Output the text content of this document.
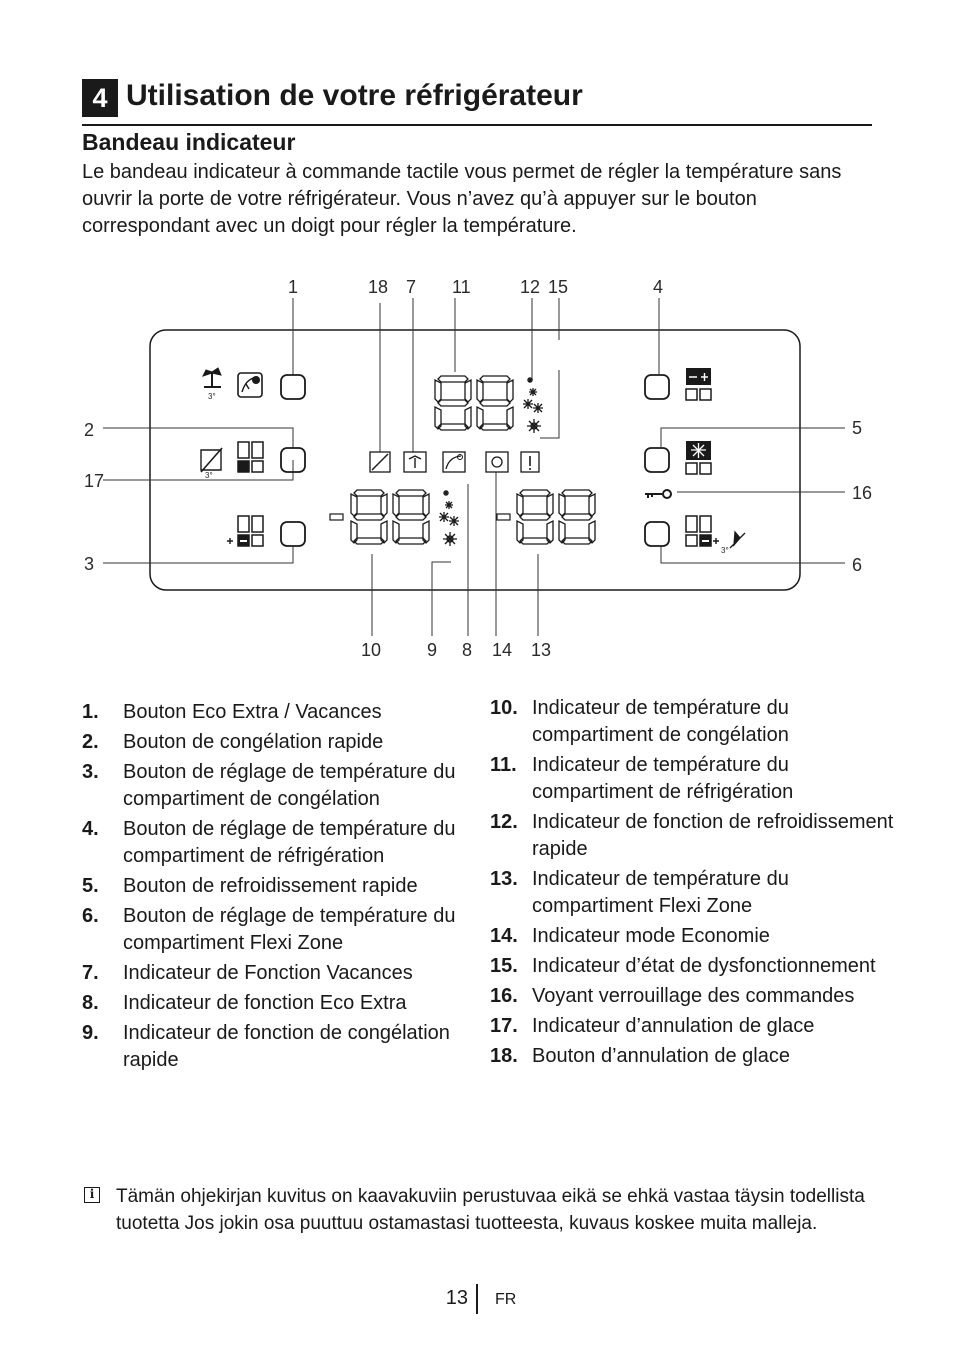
4 Utilisation de votre réfrigérateur
Bandeau indicateur

Le bandeau indicateur à commande tactile vous permet de régler la température sans ouvrir la porte de votre réfrigérateur. Vous n’avez qu’à appuyer sur le bouton correspondant avec un doigt pour régler la température.

1	18 7 11	12 15	4
2
17
3
5
16
6
10	9 8 14 13
3°
3°
3°
1. Bouton Eco Extra / Vacances
2. Bouton de congélation rapide
3. Bouton de réglage de température du compartiment de congélation
4. Bouton de réglage de température du compartiment de réfrigération
5. Bouton de refroidissement rapide
6. Bouton de réglage de température du compartiment Flexi Zone
7. Indicateur de Fonction Vacances
8. Indicateur de fonction Eco Extra
9. Indicateur de fonction de congélation rapide
10. Indicateur de température du compartiment de congélation
11. Indicateur de température du compartiment de réfrigération
12. Indicateur de fonction de refroidissement rapide
13. Indicateur de température du compartiment Flexi Zone
14. Indicateur mode Economie
15. Indicateur d’état de dysfonctionnement
16. Voyant verrouillage des commandes
17. Indicateur d’annulation de glace
18. Bouton d’annulation de glace
i	Tämän ohjekirjan kuvitus on kaavakuviin perustuvaa eikä se ehkä vastaa täysin todellista tuotetta Jos jokin osa puuttuu ostamastasi tuotteesta, kuvaus koskee muita malleja.
13 FR
